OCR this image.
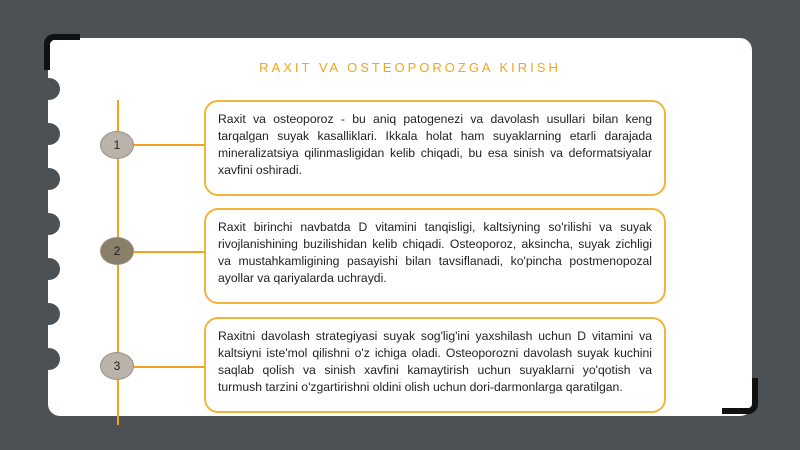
RAXIT VA OSTEOPOROZGA KIRISH
1
2
3
Raxit va osteoporoz - bu aniq patogenezi va davolash usullari bilan keng tarqalgan suyak kasalliklari. Ikkala holat ham suyaklarning etarli darajada mineralizatsiya qilinmasligidan kelib chiqadi, bu esa sinish va deformatsiyalar xavfini oshiradi.
Raxit birinchi navbatda D vitamini tanqisligi, kaltsiyning so'rilishi va suyak rivojlanishining buzilishidan kelib chiqadi. Osteoporoz, aksincha, suyak zichligi va mustahkamligining pasayishi bilan tavsiflanadi, ko'pincha postmenopozal ayollar va qariyalarda uchraydi.
Raxitni davolash strategiyasi suyak sog'lig'ini yaxshilash uchun D vitamini va kaltsiyni iste'mol qilishni o'z ichiga oladi. Osteoporozni davolash suyak kuchini saqlab qolish va sinish xavfini kamaytirish uchun suyaklarni yo'qotish va turmush tarzini o'zgartirishni oldini olish uchun dori-darmonlarga qaratilgan.
